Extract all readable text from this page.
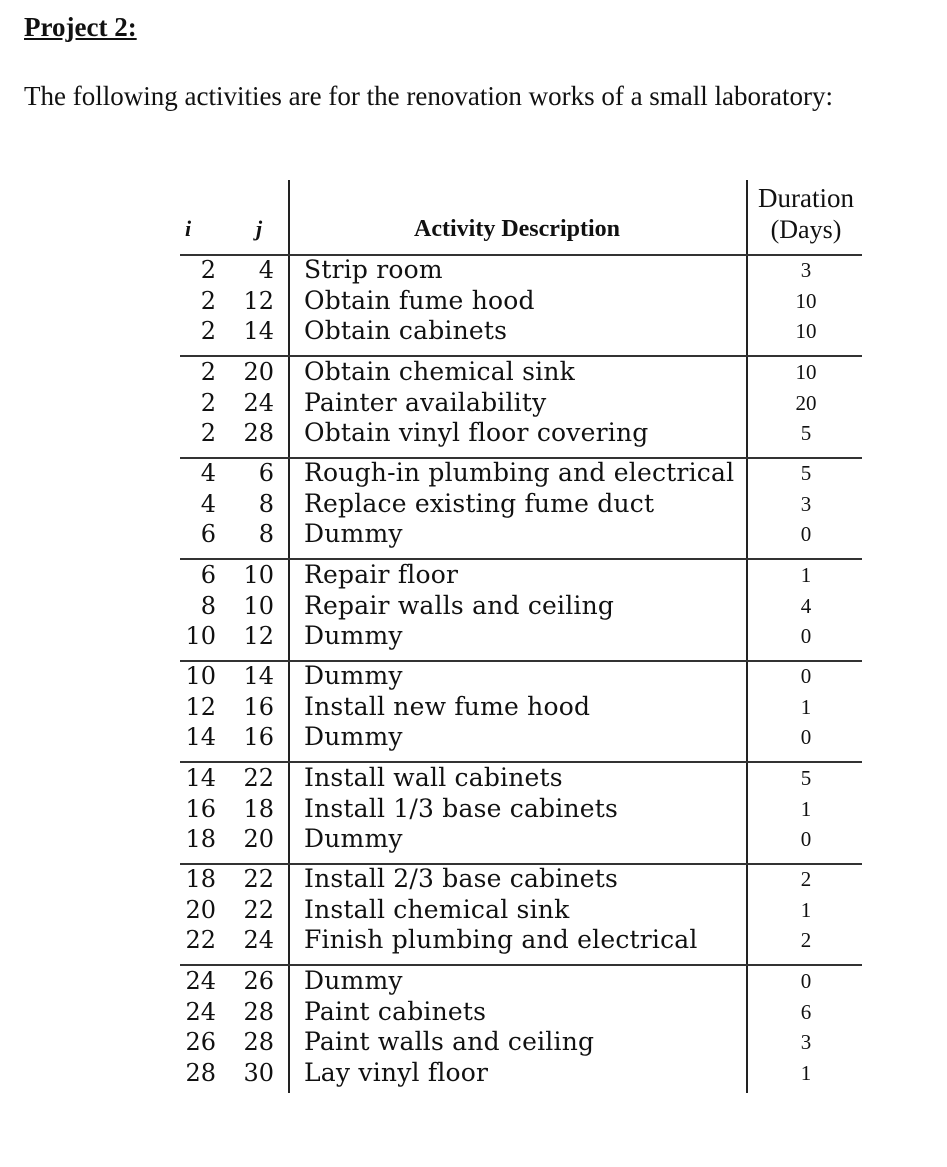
Project 2:
The following activities are for the renovation works of a small laboratory:
i	j	Activity Description
Duration
(Days)
2	4 Strip room	3
2	12 Obtain fume hood	10
2	14 Obtain cabinets	10
2	20 Obtain chemical sink	10
2	24 Painter availability	20
2	28 Obtain vinyl floor covering	5
4	6 Rough-in plumbing and electrical	5
4	8 Replace existing fume duct	3
6	8 Dummy	0
6	10 Repair floor	1
8	10 Repair walls and ceiling	4
10	12 Dummy	0
10	14 Dummy	0
12	16 Install new fume hood	1
14	16 Dummy	0
14	22 Install wall cabinets	5
16	18 Install 1/3 base cabinets	1
18	20 Dummy	0
18	22 Install 2/3 base cabinets	2
20	22 Install chemical sink	1
22	24 Finish plumbing and electrical	2
24	26 Dummy	0
24	28 Paint cabinets	6
26	28 Paint walls and ceiling	3
28	30 Lay vinyl floor	1
